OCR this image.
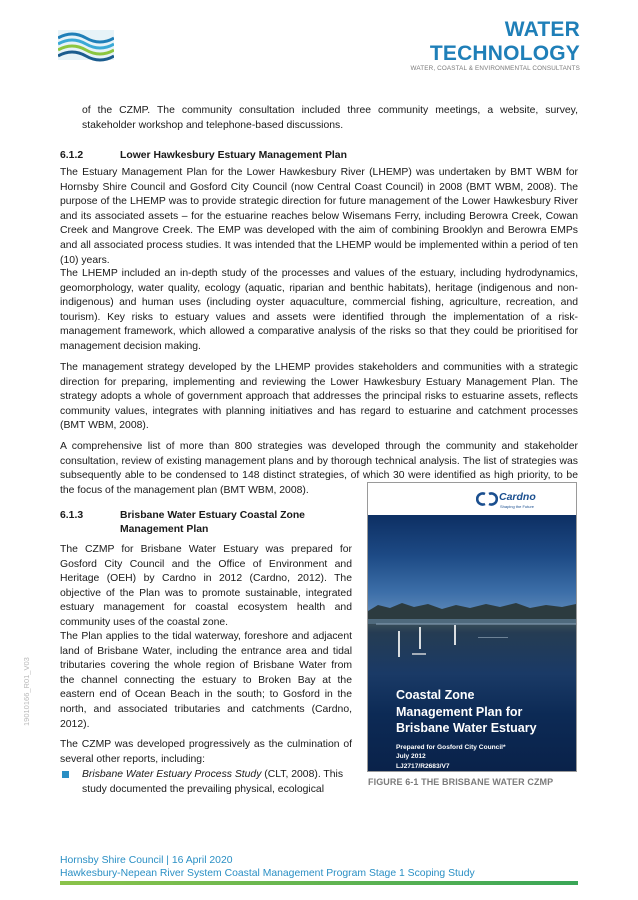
WATER TECHNOLOGY
WATER, COASTAL & ENVIRONMENTAL CONSULTANTS

of the CZMP. The community consultation included three community meetings, a website, survey, stakeholder workshop and telephone-based discussions.

6.1.2	Lower Hawkesbury Estuary Management Plan

The Estuary Management Plan for the Lower Hawkesbury River (LHEMP) was undertaken by BMT WBM for Hornsby Shire Council and Gosford City Council (now Central Coast Council) in 2008 (BMT WBM, 2008). The purpose of the LHEMP was to provide strategic direction for future management of the Lower Hawkesbury River and its associated assets – for the estuarine reaches below Wisemans Ferry, including Berowra Creek, Cowan Creek and Mangrove Creek. The EMP was developed with the aim of combining Brooklyn and Berowra EMPs and all associated process studies. It was intended that the LHEMP would be implemented within a period of ten (10) years.

The LHEMP included an in-depth study of the processes and values of the estuary, including hydrodynamics, geomorphology, water quality, ecology (aquatic, riparian and benthic habitats), heritage (indigenous and non-indigenous) and human uses (including oyster aquaculture, commercial fishing, agriculture, recreation, and tourism). Key risks to estuary values and assets were identified through the implementation of a risk-management framework, which allowed a comparative analysis of the risks so that they could be prioritised for management decision making.

The management strategy developed by the LHEMP provides stakeholders and communities with a strategic direction for preparing, implementing and reviewing the Lower Hawkesbury Estuary Management Plan. The strategy adopts a whole of government approach that addresses the principal risks to estuarine assets, reflects community values, integrates with planning initiatives and has regard to estuarine and catchment processes (BMT WBM, 2008).

A comprehensive list of more than 800 strategies was developed through the community and stakeholder consultation, review of existing management plans and by thorough technical analysis. The list of strategies was subsequently able to be condensed to 148 distinct strategies, of which 30 were identified as high priority, to be the focus of the management plan (BMT WBM, 2008).

6.1.3	Brisbane Water Estuary Coastal Zone
Management Plan

The CZMP for Brisbane Water Estuary was prepared for Gosford City Council and the Office of Environment and Heritage (OEH) by Cardno in 2012 (Cardno, 2012). The objective of the Plan was to promote sustainable, integrated estuary management for coastal ecosystem health and community uses of the coastal zone.

The Plan applies to the tidal waterway, foreshore and adjacent land of Brisbane Water, including the entrance area and tidal tributaries covering the whole region of Brisbane Water from the channel connecting the estuary to Broken Bay at the eastern end of Ocean Beach in the south; to Gosford in the north, and associated tributaries and catchments (Cardno, 2012).

The CZMP was developed progressively as the culmination of several other reports, including:

Brisbane Water Estuary Process Study (CLT, 2008). This
study documented the prevailing physical, ecological
Cardno
Shaping the Future
Coastal Zone
Management Plan for
Brisbane Water Estuary
Prepared for Gosford City Council*
July 2012
LJ2717/R2683/V7
FIGURE 6-1 THE BRISBANE WATER CZMP
19010166_R01_V03
Hornsby Shire Council | 16 April 2020
Hawkesbury-Nepean River System Coastal Management Program Stage 1 Scoping Study
